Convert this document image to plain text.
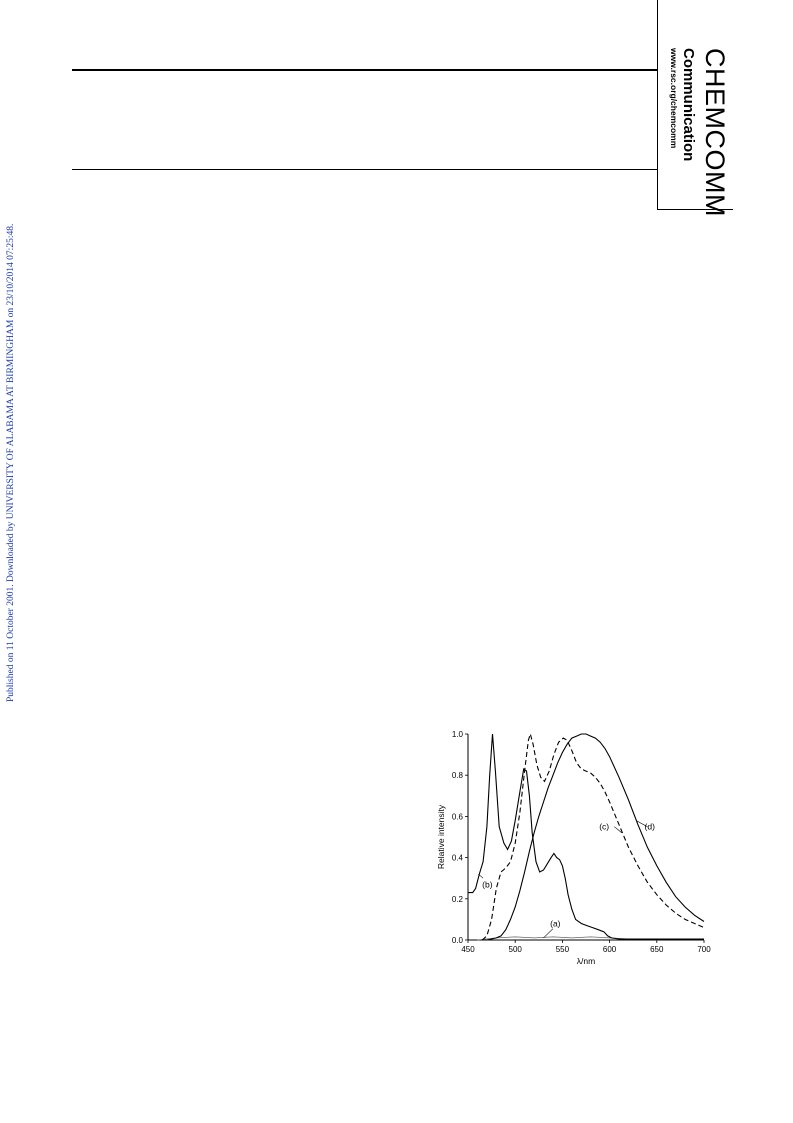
CHEMCOMM
Communication
www.rsc.org/chemcomm
Published on 11 October 2001. Downloaded by UNIVERSITY OF ALABAMA AT BIRMINGHAM on 23/10/2014 07:25:48.
450	500	550	600	650	700
0.0
0.2
0.4
0.6
0.8
1.0
λ/nm
Relative intensity
(a)
(b)
(c)	(d)
